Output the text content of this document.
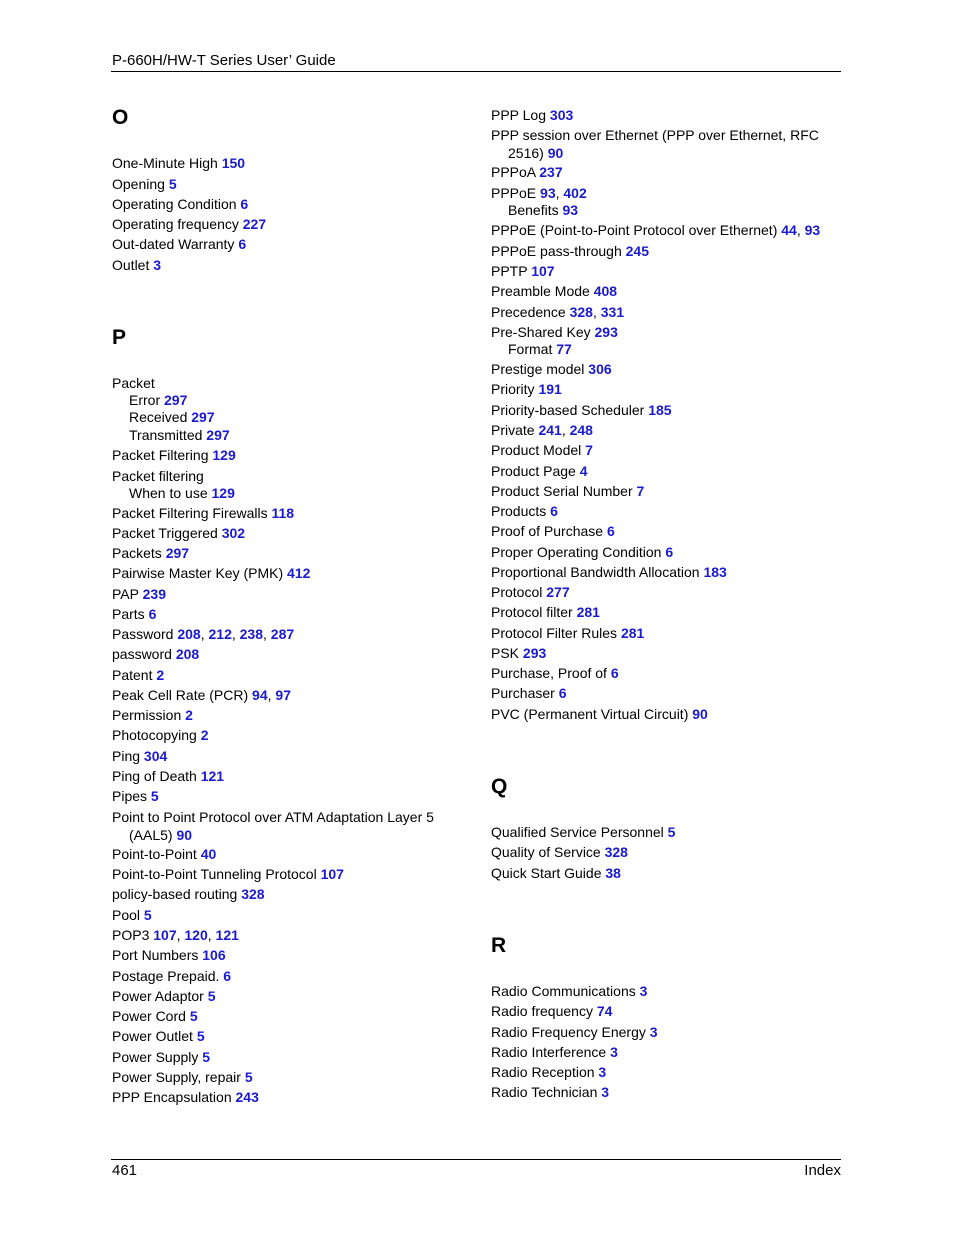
P-660H/HW-T Series User’ Guide
O
One-Minute High 150
Opening 5
Operating Condition 6
Operating frequency 227
Out-dated Warranty 6
Outlet 3
P
Packet
Error 297
Received 297
Transmitted 297
Packet Filtering 129
Packet filtering
When to use 129
Packet Filtering Firewalls 118
Packet Triggered 302
Packets 297
Pairwise Master Key (PMK) 412
PAP 239
Parts 6
Password 208, 212, 238, 287
password 208
Patent 2
Peak Cell Rate (PCR) 94, 97
Permission 2
Photocopying 2
Ping 304
Ping of Death 121
Pipes 5
Point to Point Protocol over ATM Adaptation Layer 5
(AAL5) 90
Point-to-Point 40
Point-to-Point Tunneling Protocol 107
policy-based routing 328
Pool 5
POP3 107, 120, 121
Port Numbers 106
Postage Prepaid. 6
Power Adaptor 5
Power Cord 5
Power Outlet 5
Power Supply 5
Power Supply, repair 5
PPP Encapsulation 243
PPP Log 303
PPP session over Ethernet (PPP over Ethernet, RFC
2516) 90
PPPoA 237
PPPoE 93, 402
Benefits 93
PPPoE (Point-to-Point Protocol over Ethernet) 44, 93
PPPoE pass-through 245
PPTP 107
Preamble Mode 408
Precedence 328, 331
Pre-Shared Key 293
Format 77
Prestige model 306
Priority 191
Priority-based Scheduler 185
Private 241, 248
Product Model 7
Product Page 4
Product Serial Number 7
Products 6
Proof of Purchase 6
Proper Operating Condition 6
Proportional Bandwidth Allocation 183
Protocol 277
Protocol filter 281
Protocol Filter Rules 281
PSK 293
Purchase, Proof of 6
Purchaser 6
PVC (Permanent Virtual Circuit) 90
Q
Qualified Service Personnel 5
Quality of Service 328
Quick Start Guide 38
R
Radio Communications 3
Radio frequency 74
Radio Frequency Energy 3
Radio Interference 3
Radio Reception 3
Radio Technician 3
461	Index
